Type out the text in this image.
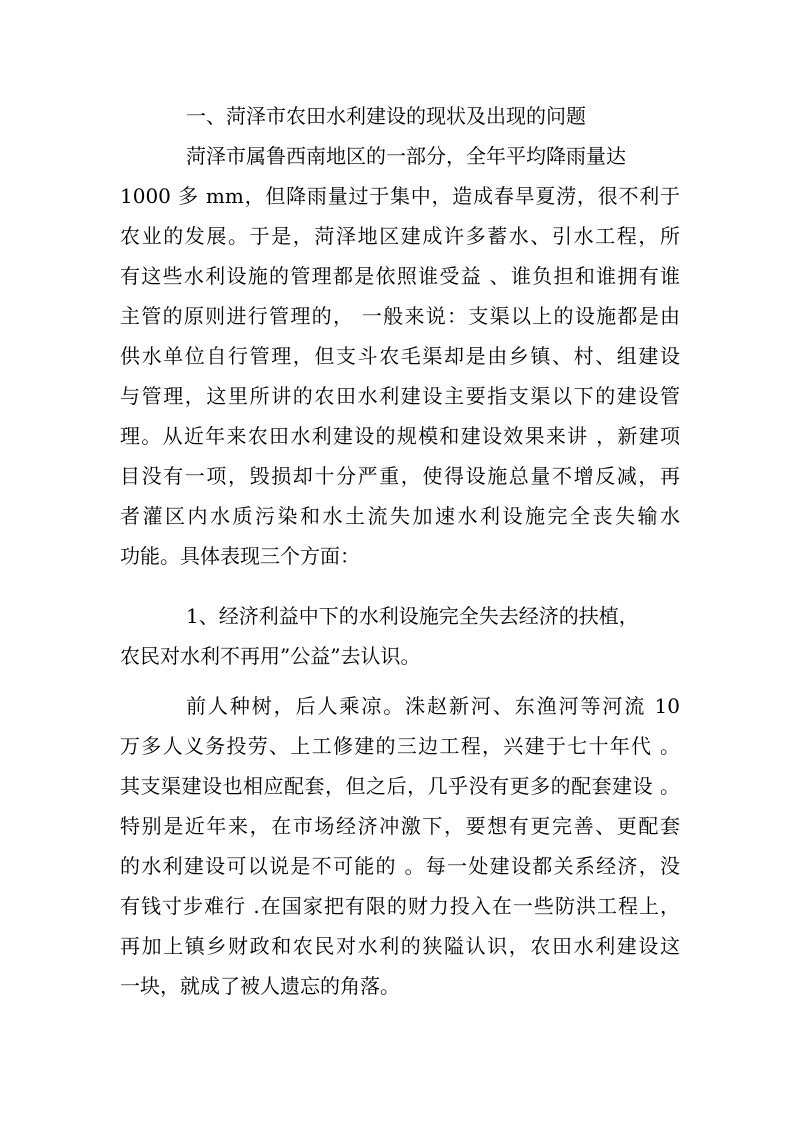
一、菏泽市农田水利建设的现状及出现的问题
菏泽市属鲁西南地区的一部分，全年平均降雨量达
1000 多 mm，但降雨量过于集中，造成春旱夏涝，很不利于
农业的发展。于是，菏泽地区建成许多蓄水、引水工程，所
有这些水利设施的管理都是依照谁受益 、谁负担和谁拥有谁
主管的原则进行管理的， 一般来说：支渠以上的设施都是由
供水单位自行管理，但支斗农毛渠却是由乡镇、村、组建设
与管理，这里所讲的农田水利建设主要指支渠以下的建设管
理。从近年来农田水利建设的规模和建设效果来讲 ，新建项
目没有一项，毁损却十分严重，使得设施总量不增反减，再
者灌区内水质污染和水土流失加速水利设施完全丧失输水
功能。具体表现三个方面：
1、经济利益中下的水利设施完全失去经济的扶植，
农民对水利不再用”公益”去认识。
前人种树，后人乘凉。洙赵新河、东渔河等河流 10
万多人义务投劳、上工修建的三边工程，兴建于七十年代 。
其支渠建设也相应配套，但之后，几乎没有更多的配套建设 。
特别是近年来，在市场经济冲激下，要想有更完善、更配套
的水利建设可以说是不可能的 。每一处建设都关系经济，没
有钱寸步难行 .在国家把有限的财力投入在一些防洪工程上，
再加上镇乡财政和农民对水利的狭隘认识，农田水利建设这
一块，就成了被人遗忘的角落。
